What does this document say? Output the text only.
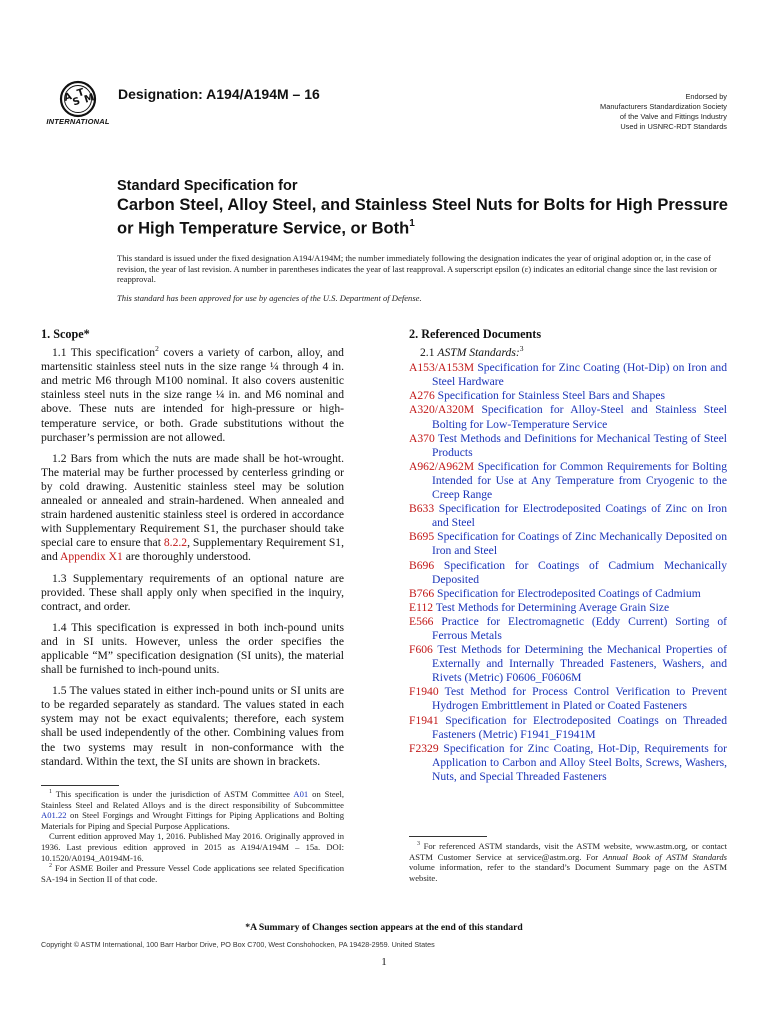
A
S
T
M
INTERNATIONAL
Designation: A194/A194M – 16	Endorsed by
Manufacturers Standardization Society
of the Valve and Fittings Industry
Used in USNRC-RDT Standards
Standard Specification for
Carbon Steel, Alloy Steel, and Stainless Steel Nuts for Bolts for High Pressure or High Temperature Service, or Both$^1$
This standard is issued under the fixed designation A194/A194M; the number immediately following the designation indicates the year of original adoption or, in the case of revision, the year of last revision. A number in parentheses indicates the year of last reapproval. A superscript epsilon (ε) indicates an editorial change since the last revision or reapproval.
This standard has been approved for use by agencies of the U.S. Department of Defense.
1. Scope*
1.1 This specification$^2$ covers a variety of carbon, alloy, and martensitic stainless steel nuts in the size range ¼ through 4 in. and metric M6 through M100 nominal. It also covers austenitic stainless steel nuts in the size range ¼ in. and M6 nominal and above. These nuts are intended for high-pressure or high-temperature service, or both. Grade substitutions without the purchaser’s permission are not allowed.
1.2 Bars from which the nuts are made shall be hot-wrought. The material may be further processed by centerless grinding or by cold drawing. Austenitic stainless steel may be solution annealed or annealed and strain-hardened. When annealed and strain hardened austenitic stainless steel is ordered in accordance with Supplementary Requirement S1, the purchaser should take special care to ensure that 8.2.2, Supplementary Requirement S1, and Appendix X1 are thoroughly understood.
1.3 Supplementary requirements of an optional nature are provided. These shall apply only when specified in the inquiry, contract, and order.
1.4 This specification is expressed in both inch-pound units and in SI units. However, unless the order specifies the applicable “M” specification designation (SI units), the material shall be furnished to inch-pound units.
1.5 The values stated in either inch-pound units or SI units are to be regarded separately as standard. The values stated in each system may not be exact equivalents; therefore, each system shall be used independently of the other. Combining values from the two systems may result in non-conformance with the standard. Within the text, the SI units are shown in brackets.
2. Referenced Documents
2.1 ASTM Standards:$^3$
A153/A153M Specification for Zinc Coating (Hot-Dip) on Iron and Steel Hardware
A276 Specification for Stainless Steel Bars and Shapes
A320/A320M Specification for Alloy-Steel and Stainless Steel Bolting for Low-Temperature Service
A370 Test Methods and Definitions for Mechanical Testing of Steel Products
A962/A962M Specification for Common Requirements for Bolting Intended for Use at Any Temperature from Cryogenic to the Creep Range
B633 Specification for Electrodeposited Coatings of Zinc on Iron and Steel
B695 Specification for Coatings of Zinc Mechanically Deposited on Iron and Steel
B696 Specification for Coatings of Cadmium Mechanically Deposited
B766 Specification for Electrodeposited Coatings of Cadmium
E112 Test Methods for Determining Average Grain Size
E566 Practice for Electromagnetic (Eddy Current) Sorting of Ferrous Metals
F606 Test Methods for Determining the Mechanical Properties of Externally and Internally Threaded Fasteners, Washers, and Rivets (Metric) F0606_F0606M
F1940 Test Method for Process Control Verification to Prevent Hydrogen Embrittlement in Plated or Coated Fasteners
F1941 Specification for Electrodeposited Coatings on Threaded Fasteners (Metric) F1941_F1941M
F2329 Specification for Zinc Coating, Hot-Dip, Requirements for Application to Carbon and Alloy Steel Bolts, Screws, Washers, Nuts, and Special Threaded Fasteners
$^1$ This specification is under the jurisdiction of ASTM Committee A01 on Steel, Stainless Steel and Related Alloys and is the direct responsibility of Subcommittee A01.22 on Steel Forgings and Wrought Fittings for Piping Applications and Bolting Materials for Piping and Special Purpose Applications.
Current edition approved May 1, 2016. Published May 2016. Originally approved in 1936. Last previous edition approved in 2015 as A194/A194M – 15a. DOI: 10.1520/A0194_A0194M-16.
$^2$ For ASME Boiler and Pressure Vessel Code applications see related Specification SA-194 in Section II of that code.
$^3$ For referenced ASTM standards, visit the ASTM website, www.astm.org, or contact ASTM Customer Service at service@astm.org. For Annual Book of ASTM Standards volume information, refer to the standard’s Document Summary page on the ASTM website.
*A Summary of Changes section appears at the end of this standard
Copyright © ASTM International, 100 Barr Harbor Drive, PO Box C700, West Conshohocken, PA 19428-2959. United States
1
